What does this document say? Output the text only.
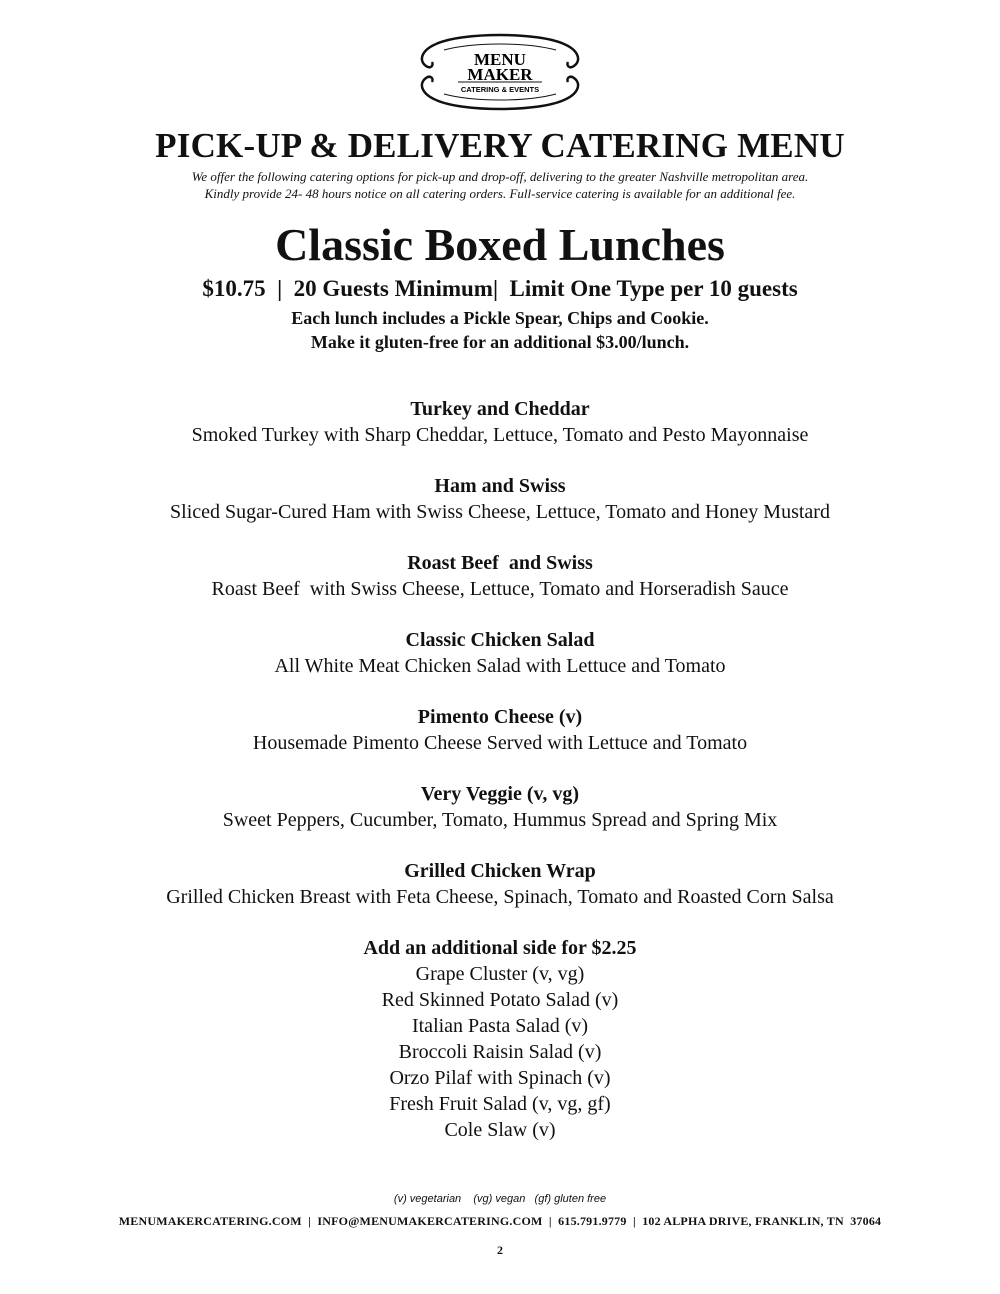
MENU
MAKER
CATERING & EVENTS
PICK-UP & DELIVERY CATERING MENU
We offer the following catering options for pick-up and drop-off, delivering to the greater Nashville metropolitan area.
Kindly provide 24- 48 hours notice on all catering orders. Full-service catering is available for an additional fee.
Classic Boxed Lunches
$10.75  |  20 Guests Minimum|  Limit One Type per 10 guests
Each lunch includes a Pickle Spear, Chips and Cookie.
Make it gluten-free for an additional $3.00/lunch.
Turkey and Cheddar
Smoked Turkey with Sharp Cheddar, Lettuce, Tomato and Pesto Mayonnaise
Ham and Swiss
Sliced Sugar-Cured Ham with Swiss Cheese, Lettuce, Tomato and Honey Mustard
Roast Beef  and Swiss
Roast Beef  with Swiss Cheese, Lettuce, Tomato and Horseradish Sauce
Classic Chicken Salad
All White Meat Chicken Salad with Lettuce and Tomato
Pimento Cheese (v)
Housemade Pimento Cheese Served with Lettuce and Tomato
Very Veggie (v, vg)
Sweet Peppers, Cucumber, Tomato, Hummus Spread and Spring Mix
Grilled Chicken Wrap
Grilled Chicken Breast with Feta Cheese, Spinach, Tomato and Roasted Corn Salsa
Add an additional side for $2.25
Grape Cluster (v, vg)
Red Skinned Potato Salad (v)
Italian Pasta Salad (v)
Broccoli Raisin Salad (v)
Orzo Pilaf with Spinach (v)
Fresh Fruit Salad (v, vg, gf)
Cole Slaw (v)
(v) vegetarian    (vg) vegan   (gf) gluten free
MENUMAKERCATERING.COM  |  INFO@MENUMAKERCATERING.COM  |  615.791.9779  |  102 ALPHA DRIVE, FRANKLIN, TN  37064
2
